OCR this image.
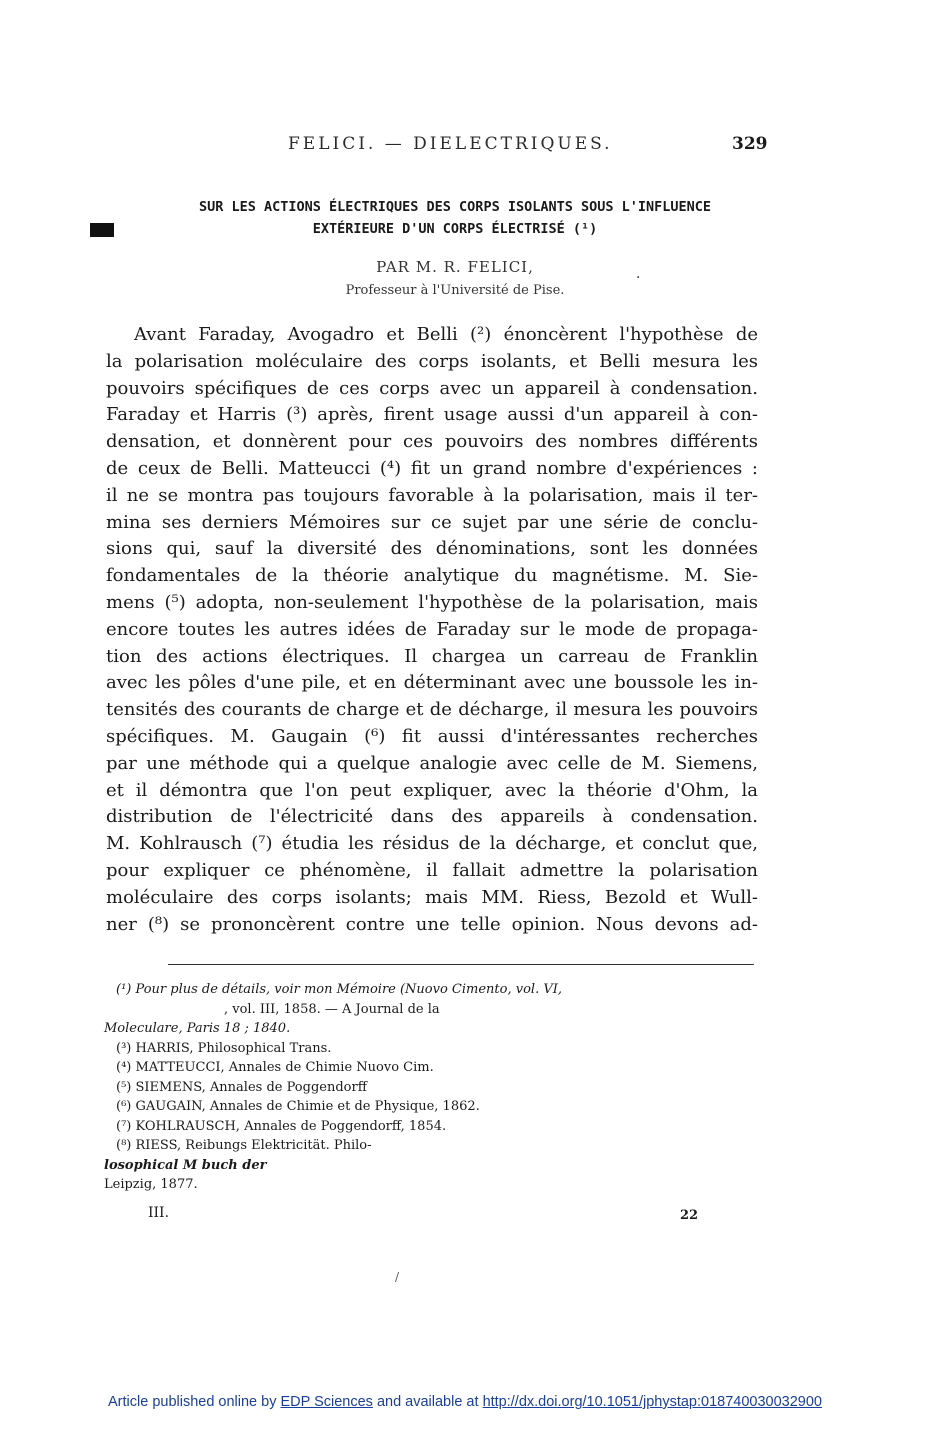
FELICI. — DIELECTRIQUES.	329
SUR LES ACTIONS ÉLECTRIQUES DES CORPS ISOLANTS SOUS L'INFLUENCE
EXTÉRIEURE D'UN CORPS ÉLECTRISÉ (¹)
PAR M. R. FELICI,	.
Professeur à l'Université de Pise.
Avant Faraday, Avogadro et Belli (²) énoncèrent l'hypothèse de
la polarisation moléculaire des corps isolants, et Belli mesura les
pouvoirs spécifiques de ces corps avec un appareil à condensation.
Faraday et Harris (³) après, firent usage aussi d'un appareil à con-
densation, et donnèrent pour ces pouvoirs des nombres différents
de ceux de Belli. Matteucci (⁴) fit un grand nombre d'expériences :
il ne se montra pas toujours favorable à la polarisation, mais il ter-
mina ses derniers Mémoires sur ce sujet par une série de conclu-
sions qui, sauf la diversité des dénominations, sont les données
fondamentales de la théorie analytique du magnétisme. M. Sie-
mens (⁵) adopta, non-seulement l'hypothèse de la polarisation, mais
encore toutes les autres idées de Faraday sur le mode de propaga-
tion des actions électriques. Il chargea un carreau de Franklin
avec les pôles d'une pile, et en déterminant avec une boussole les in-
tensités des courants de charge et de décharge, il mesura les pouvoirs
spécifiques. M. Gaugain (⁶) fit aussi d'intéressantes recherches
par une méthode qui a quelque analogie avec celle de M. Siemens,
et il démontra que l'on peut expliquer, avec la théorie d'Ohm, la
distribution de l'électricité dans des appareils à condensation.
M. Kohlrausch (⁷) étudia les résidus de la décharge, et conclut que,
pour expliquer ce phénomène, il fallait admettre la polarisation
moléculaire des corps isolants; mais MM. Riess, Bezold et Wull-
ner (⁸) se prononcèrent contre une telle opinion. Nous devons ad-
(¹) Pour plus de détails, voir mon Mémoire (Nuovo Cimento, vol. VI,
, vol. III, 1858. — A Journal de la
Moleculare, Paris 18 ; 1840.
(³) HARRIS, Philosophical Trans.
(⁴) MATTEUCCI, Annales de Chimie Nuovo Cim.
(⁵) SIEMENS, Annales de Poggendorff
(⁶) GAUGAIN, Annales de Chimie et de Physique, 1862.
(⁷) KOHLRAUSCH, Annales de Poggendorff, 1854.
(⁸) RIESS, Reibungs Elektricität. Philo-
losophical M buch der
Leipzig, 1877.
III.	22
/
Article published online by EDP Sciences and available at http://dx.doi.org/10.1051/jphystap:018740030032900
